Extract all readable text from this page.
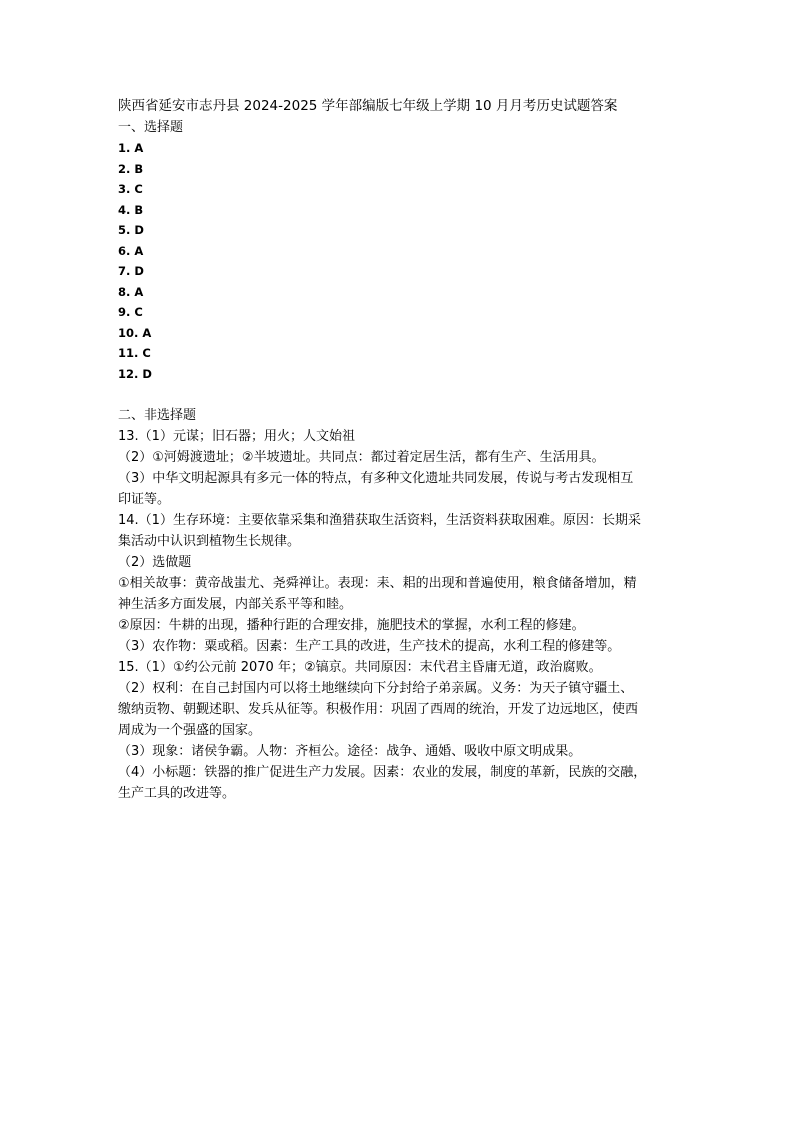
陕西省延安市志丹县 2024-2025 学年部编版七年级上学期 10 月月考历史试题答案
一、选择题
1. A
2. B
3. C
4. B
5. D
6. A
7. D
8. A
9. C
10. A
11. C
12. D
二、非选择题
13.（1）元谋；旧石器；用火；人文始祖
（2）①河姆渡遗址；②半坡遗址。共同点：都过着定居生活，都有生产、生活用具。
（3）中华文明起源具有多元一体的特点，有多种文化遗址共同发展，传说与考古发现相互
印证等。
14.（1）生存环境：主要依靠采集和渔猎获取生活资料，生活资料获取困难。原因：长期采
集活动中认识到植物生长规律。
（2）选做题
①相关故事：黄帝战蚩尤、尧舜禅让。表现：耒、耜的出现和普遍使用，粮食储备增加，精
神生活多方面发展，内部关系平等和睦。
②原因：牛耕的出现，播种行距的合理安排，施肥技术的掌握，水利工程的修建。
（3）农作物：粟或稻。因素：生产工具的改进，生产技术的提高，水利工程的修建等。
15.（1）①约公元前 2070 年；②镐京。共同原因：末代君主昏庸无道，政治腐败。
（2）权利：在自己封国内可以将土地继续向下分封给子弟亲属。义务：为天子镇守疆土、
缴纳贡物、朝觐述职、发兵从征等。积极作用：巩固了西周的统治，开发了边远地区，使西
周成为一个强盛的国家。
（3）现象：诸侯争霸。人物：齐桓公。途径：战争、通婚、吸收中原文明成果。
（4）小标题：铁器的推广促进生产力发展。因素：农业的发展，制度的革新，民族的交融，
生产工具的改进等。
